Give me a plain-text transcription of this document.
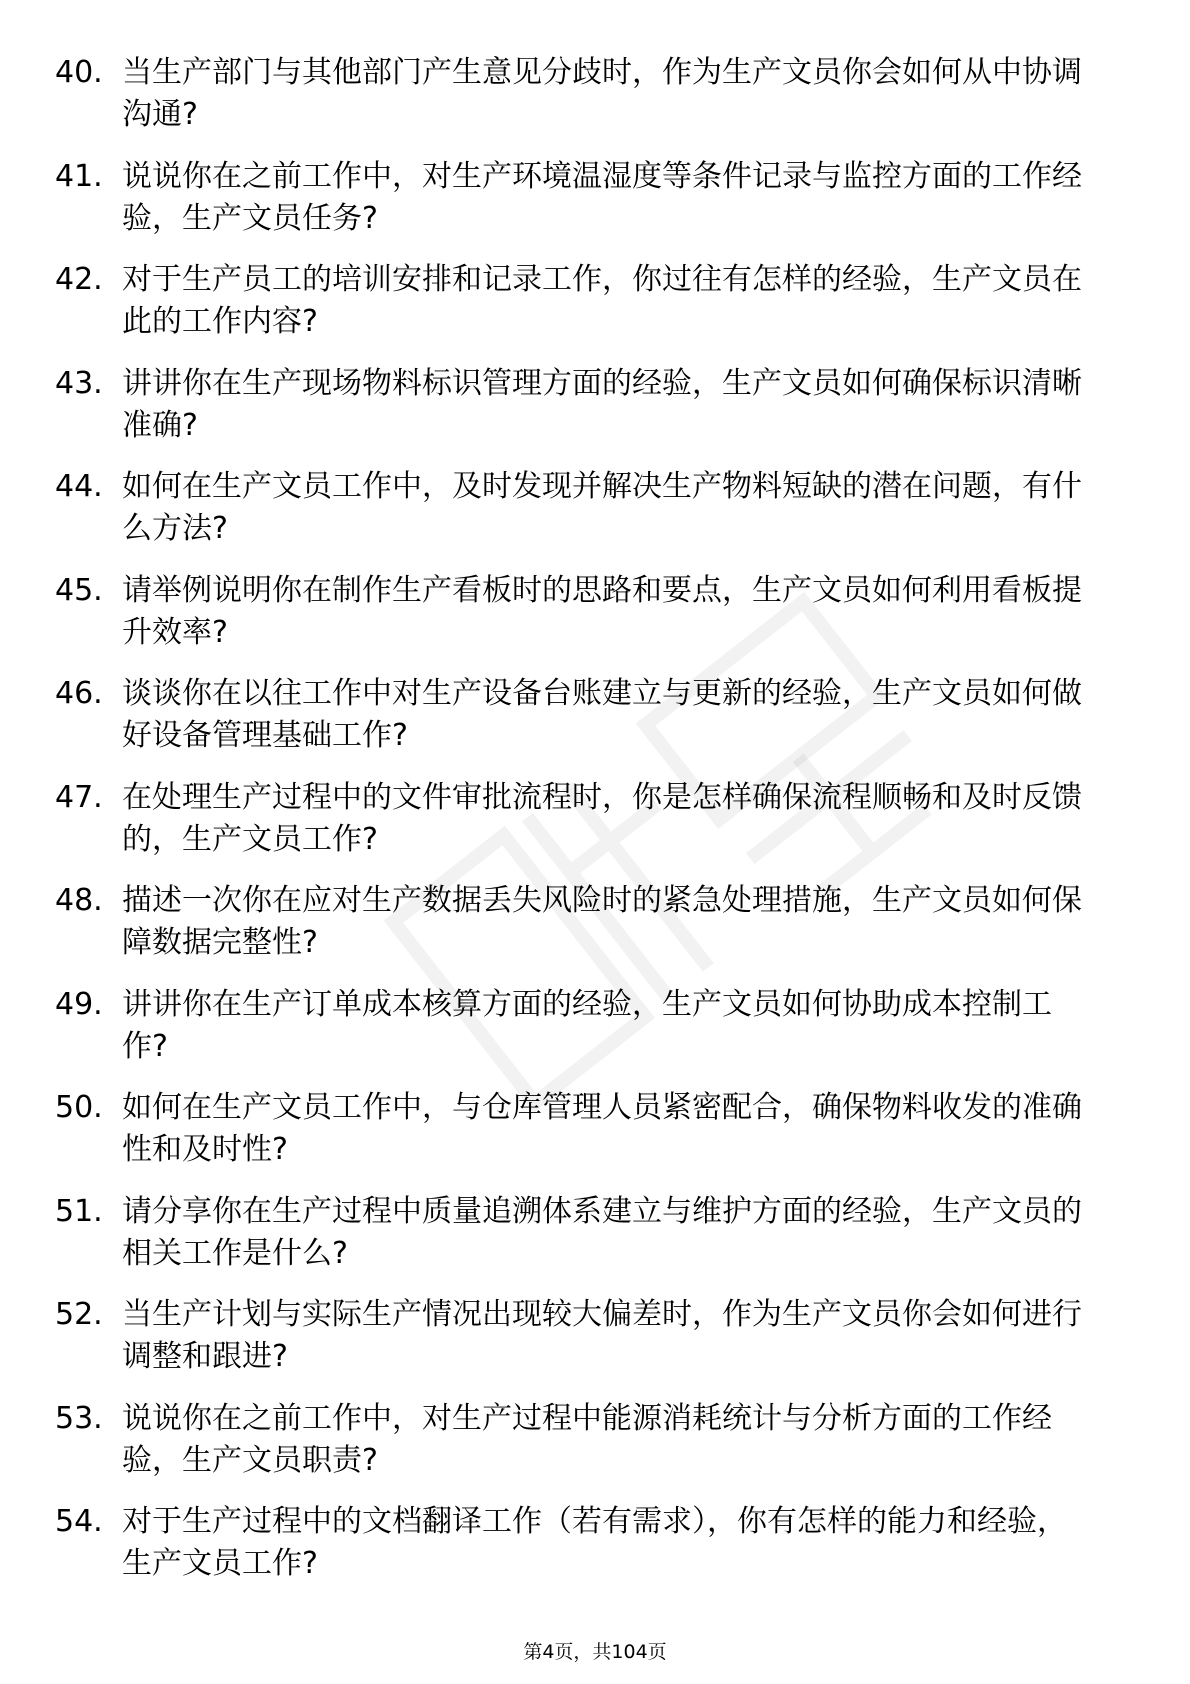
40. 当生产部门与其他部门产生意见分歧时，作为生产文员你会如何从中协调沟通?
41. 说说你在之前工作中，对生产环境温湿度等条件记录与监控方面的工作经验，生产文员任务?
42. 对于生产员工的培训安排和记录工作，你过往有怎样的经验，生产文员在此的工作内容?
43. 讲讲你在生产现场物料标识管理方面的经验，生产文员如何确保标识清晰准确?
44. 如何在生产文员工作中，及时发现并解决生产物料短缺的潜在问题，有什么方法?
45. 请举例说明你在制作生产看板时的思路和要点，生产文员如何利用看板提升效率?
46. 谈谈你在以往工作中对生产设备台账建立与更新的经验，生产文员如何做好设备管理基础工作?
47. 在处理生产过程中的文件审批流程时，你是怎样确保流程顺畅和及时反馈的，生产文员工作?
48. 描述一次你在应对生产数据丢失风险时的紧急处理措施，生产文员如何保障数据完整性?
49. 讲讲你在生产订单成本核算方面的经验，生产文员如何协助成本控制工作?
50. 如何在生产文员工作中，与仓库管理人员紧密配合，确保物料收发的准确性和及时性?
51. 请分享你在生产过程中质量追溯体系建立与维护方面的经验，生产文员的相关工作是什么?
52. 当生产计划与实际生产情况出现较大偏差时，作为生产文员你会如何进行调整和跟进?
53. 说说你在之前工作中，对生产过程中能源消耗统计与分析方面的工作经验，生产文员职责?
54. 对于生产过程中的文档翻译工作（若有需求），你有怎样的能力和经验，生产文员工作?
第4页，共104页
